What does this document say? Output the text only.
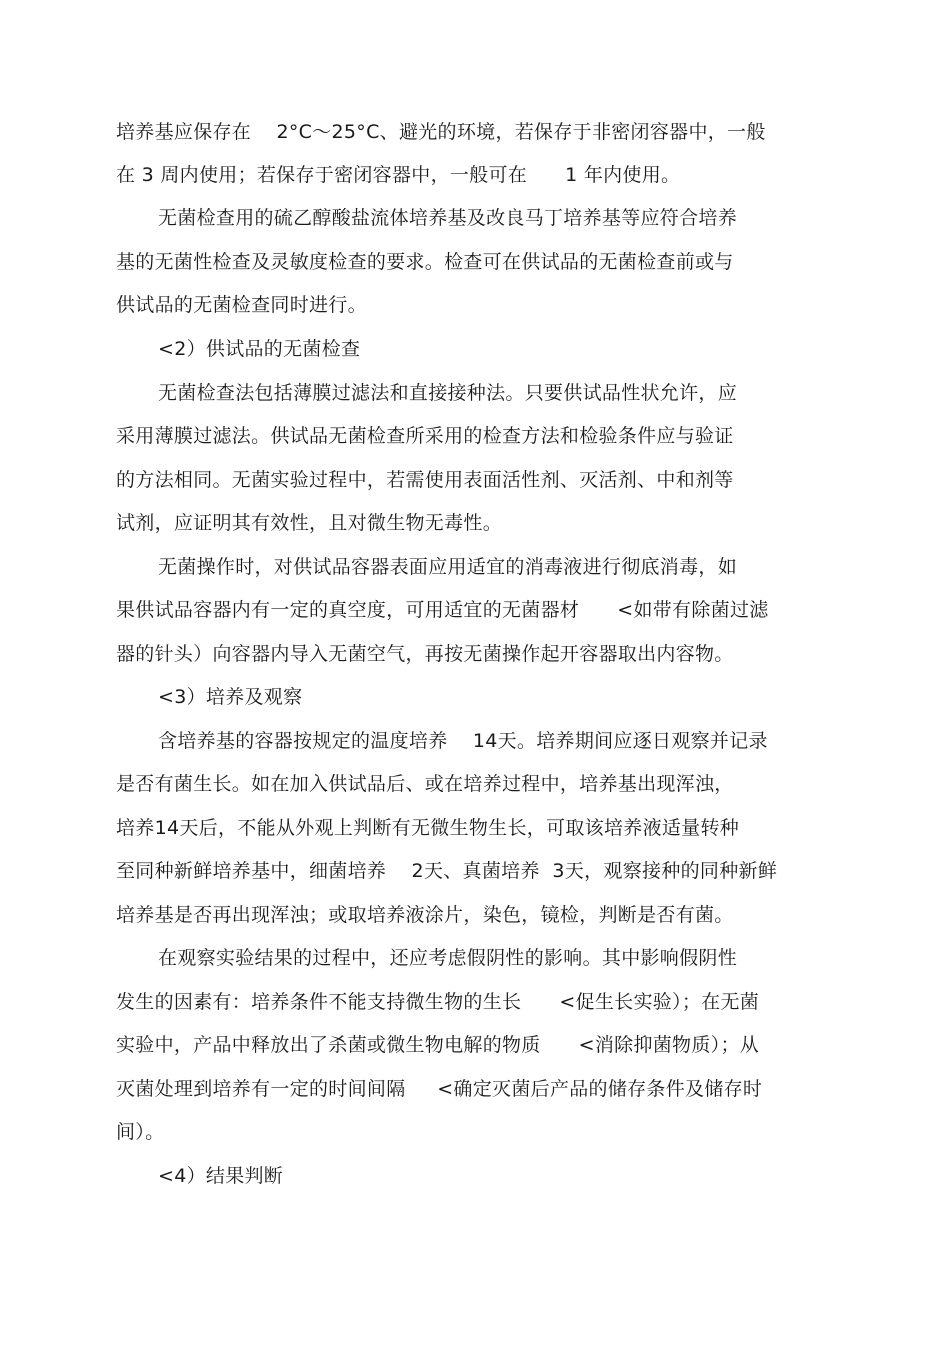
培养基应保存在    2°C～25°C、避光的环境，若保存于非密闭容器中，一般
在 3 周内使用；若保存于密闭容器中，一般可在      1 年内使用。
无菌检查用的硫乙醇酸盐流体培养基及改良马丁培养基等应符合培养
基的无菌性检查及灵敏度检查的要求。检查可在供试品的无菌检查前或与
供试品的无菌检查同时进行。
<2）供试品的无菌检查
无菌检查法包括薄膜过滤法和直接接种法。只要供试品性状允许，应
采用薄膜过滤法。供试品无菌检查所采用的检查方法和检验条件应与验证
的方法相同。无菌实验过程中，若需使用表面活性剂、灭活剂、中和剂等
试剂，应证明其有效性，且对微生物无毒性。
无菌操作时，对供试品容器表面应用适宜的消毒液进行彻底消毒，如
果供试品容器内有一定的真空度，可用适宜的无菌器材      <如带有除菌过滤
器的针头）向容器内导入无菌空气，再按无菌操作起开容器取出内容物。
<3）培养及观察
含培养基的容器按规定的温度培养    14天。培养期间应逐日观察并记录
是否有菌生长。如在加入供试品后、或在培养过程中，培养基出现浑浊，
培养14天后，不能从外观上判断有无微生物生长，可取该培养液适量转种
至同种新鲜培养基中，细菌培养    2天、真菌培养  3天，观察接种的同种新鲜
培养基是否再出现浑浊；或取培养液涂片，染色，镜检，判断是否有菌。
在观察实验结果的过程中，还应考虑假阴性的影响。其中影响假阴性
发生的因素有：培养条件不能支持微生物的生长      <促生长实验）；在无菌
实验中，产品中释放出了杀菌或微生物电解的物质      <消除抑菌物质）；从
灭菌处理到培养有一定的时间间隔     <确定灭菌后产品的储存条件及储存时
间）。
<4）结果判断
